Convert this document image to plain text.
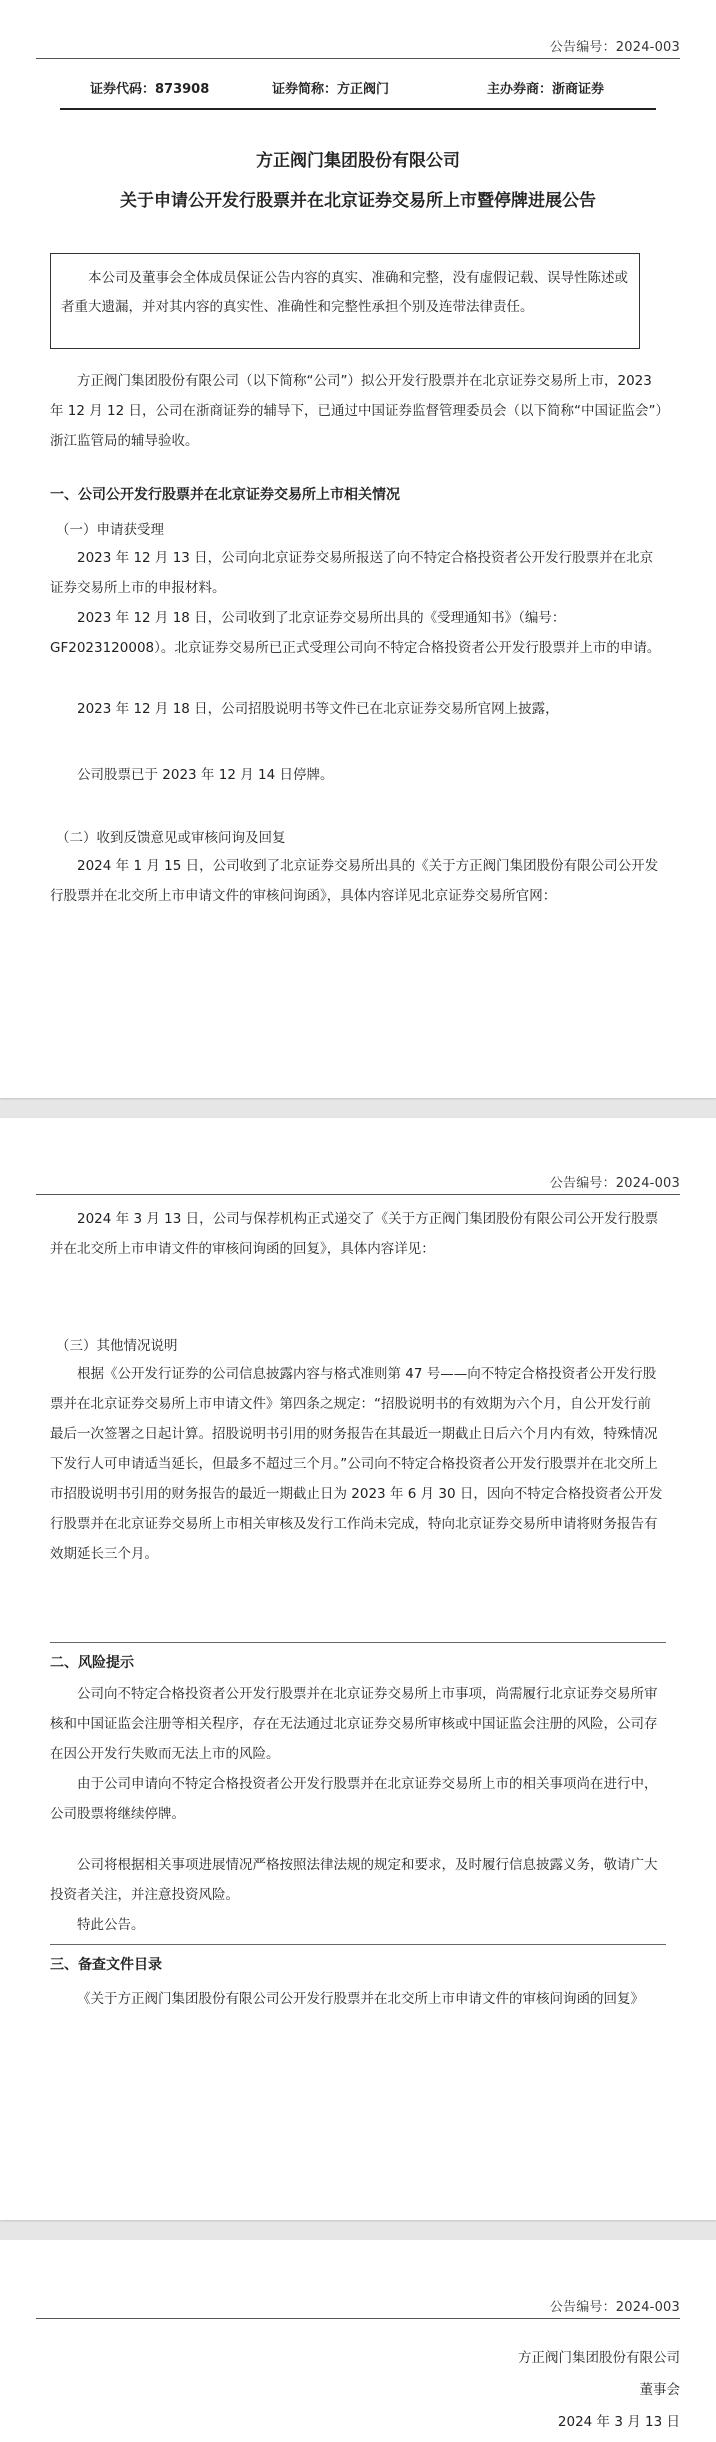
公告编号：2024-003
证券代码：873908	证券简称：方正阀门	主办券商：浙商证券
方正阀门集团股份有限公司
关于申请公开发行股票并在北京证券交易所上市暨停牌进展公告
本公司及董事会全体成员保证公告内容的真实、准确和完整，没有虚假记载、误导性陈述或者重大遗漏，并对其内容的真实性、准确性和完整性承担个别及连带法律责任。

方正阀门集团股份有限公司（以下简称“公司”）拟公开发行股票并在北京证券交易所上市，2023 年 12 月 12 日，公司在浙商证券的辅导下，已通过中国证券监督管理委员会（以下简称“中国证监会”）浙江监管局的辅导验收。

一、公司公开发行股票并在北京证券交易所上市相关情况
（一）申请获受理

2023 年 12 月 13 日，公司向北京证券交易所报送了向不特定合格投资者公开发行股票并在北京证券交易所上市的申报材料。

2023 年 12 月 18 日，公司收到了北京证券交易所出具的《受理通知书》（编号：GF2023120008）。北京证券交易所已正式受理公司向不特定合格投资者公开发行股票并上市的申请。

2023 年 12 月 18 日，公司招股说明书等文件已在北京证券交易所官网上披露，

公司股票已于 2023 年 12 月 14 日停牌。

（二）收到反馈意见或审核问询及回复

2024 年 1 月 15 日，公司收到了北京证券交易所出具的《关于方正阀门集团股份有限公司公开发行股票并在北交所上市申请文件的审核问询函》，具体内容详见北京证券交易所官网：

公告编号：2024-003

2024 年 3 月 13 日，公司与保荐机构正式递交了《关于方正阀门集团股份有限公司公开发行股票并在北交所上市申请文件的审核问询函的回复》，具体内容详见：

（三）其他情况说明

根据《公开发行证券的公司信息披露内容与格式准则第 47 号——向不特定合格投资者公开发行股票并在北京证券交易所上市申请文件》第四条之规定：“招股说明书的有效期为六个月，自公开发行前最后一次签署之日起计算。招股说明书引用的财务报告在其最近一期截止日后六个月内有效，特殊情况下发行人可申请适当延长，但最多不超过三个月。”公司向不特定合格投资者公开发行股票并在北交所上市招股说明书引用的财务报告的最近一期截止日为 2023 年 6 月 30 日，因向不特定合格投资者公开发行股票并在北京证券交易所上市相关审核及发行工作尚未完成，特向北京证券交易所申请将财务报告有效期延长三个月。

二、风险提示

公司向不特定合格投资者公开发行股票并在北京证券交易所上市事项，尚需履行北京证券交易所审核和中国证监会注册等相关程序，存在无法通过北京证券交易所审核或中国证监会注册的风险，公司存在因公开发行失败而无法上市的风险。

由于公司申请向不特定合格投资者公开发行股票并在北京证券交易所上市的相关事项尚在进行中，公司股票将继续停牌。

公司将根据相关事项进展情况严格按照法律法规的规定和要求，及时履行信息披露义务，敬请广大投资者关注，并注意投资风险。

特此公告。

三、备查文件目录

《关于方正阀门集团股份有限公司公开发行股票并在北交所上市申请文件的审核问询函的回复》

公告编号：2024-003
方正阀门集团股份有限公司
董事会
2024 年 3 月 13 日
